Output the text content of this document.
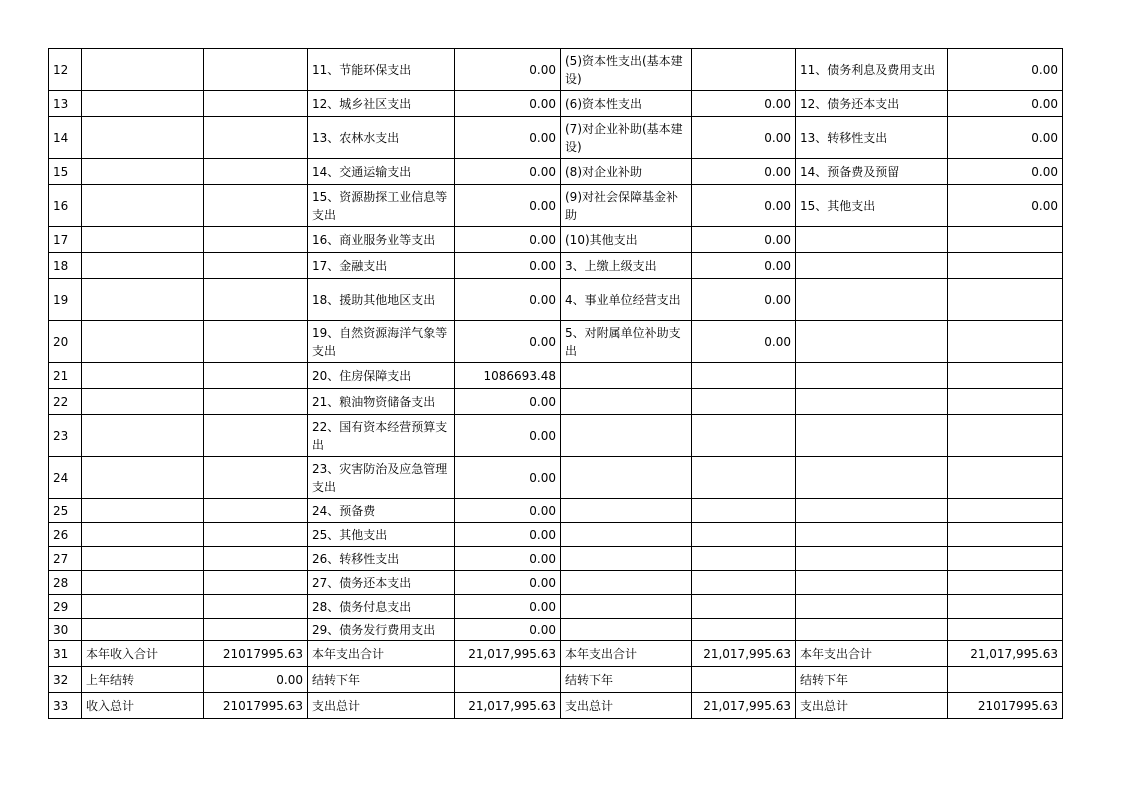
12			11、节能环保支出	0.00	(5)资本性支出(基本建设)		11、债务利息及费用支出	0.00
13			12、城乡社区支出	0.00	(6)资本性支出	0.00	12、债务还本支出	0.00
14			13、农林水支出	0.00	(7)对企业补助(基本建设)	0.00	13、转移性支出	0.00
15			14、交通运输支出	0.00	(8)对企业补助	0.00	14、预备费及预留	0.00
16			15、资源勘探工业信息等支出	0.00	(9)对社会保障基金补助	0.00	15、其他支出	0.00
17			16、商业服务业等支出	0.00	(10)其他支出	0.00		
18			17、金融支出	0.00	3、上缴上级支出	0.00		
19			18、援助其他地区支出	0.00	4、事业单位经营支出	0.00		
20			19、自然资源海洋气象等支出	0.00	5、对附属单位补助支出	0.00		
21			20、住房保障支出	1086693.48				
22			21、粮油物资储备支出	0.00				
23			22、国有资本经营预算支出	0.00				
24			23、灾害防治及应急管理支出	0.00				
25			24、预备费	0.00				
26			25、其他支出	0.00				
27			26、转移性支出	0.00				
28			27、债务还本支出	0.00				
29			28、债务付息支出	0.00				
30			29、债务发行费用支出	0.00				
31	本年收入合计	21017995.63	本年支出合计	21,017,995.63	本年支出合计	21,017,995.63	本年支出合计	21,017,995.63
32	上年结转	0.00	结转下年		结转下年		结转下年	
33	收入总计	21017995.63	支出总计	21,017,995.63	支出总计	21,017,995.63	支出总计	21017995.63
